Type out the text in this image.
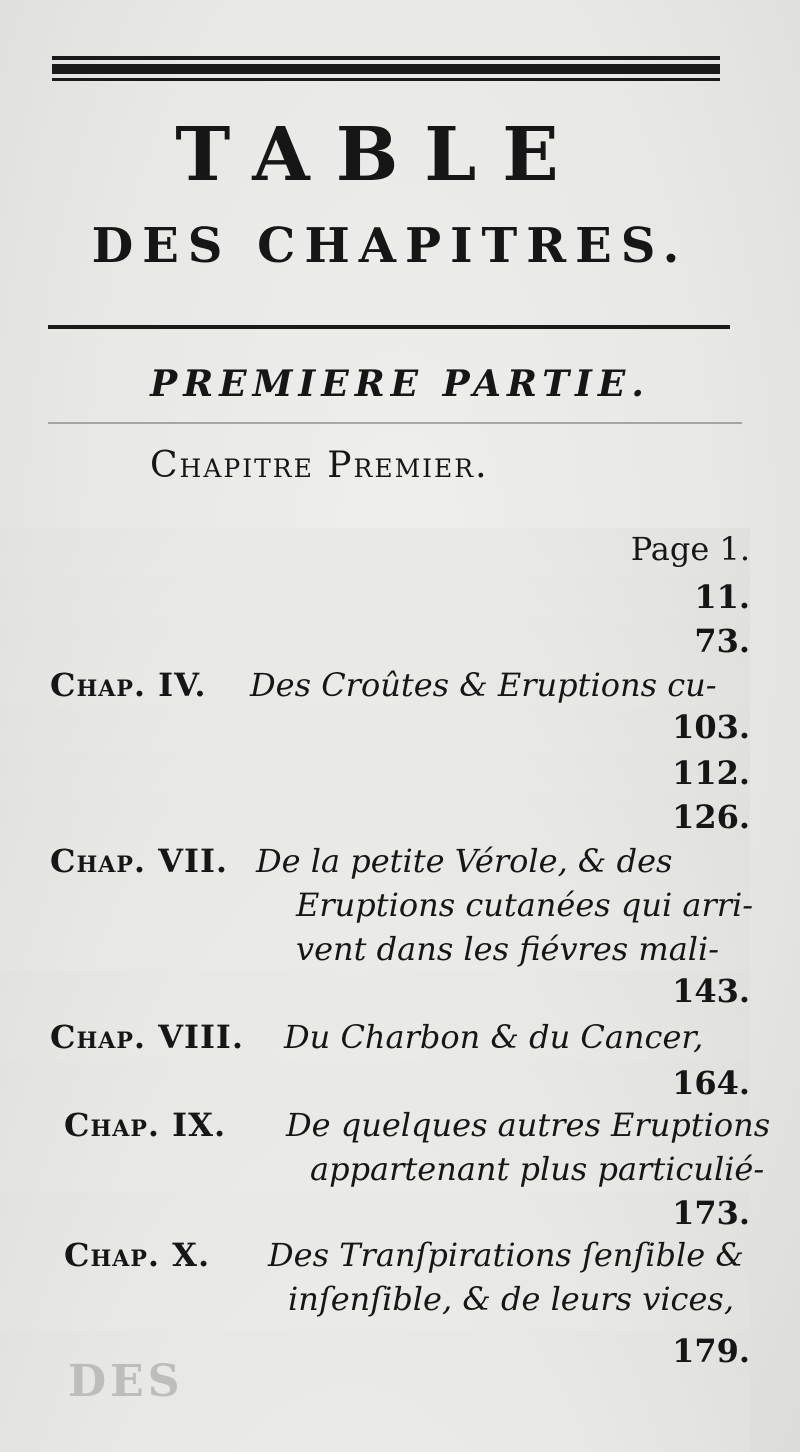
TABLE
DES CHAPITRES.
PREMIERE PARTIE.
Chapitre Premier.
Page 1.
11.
73.
Chap. IV. Des Croûtes & Eruptions cu-
103.
112.
126.
Chap. VII. De la petite Vérole, & des
Eruptions cutanées qui arri-
vent dans les fiévres mali-
143.
Chap. VIII. Du Charbon & du Cancer,
164.
Chap. IX. De quelques autres Eruptions
appartenant plus particulié-
173.
Chap. X. Des Tranſpirations ſenſible &
inſenſible, & de leurs vices,
179.
DES
